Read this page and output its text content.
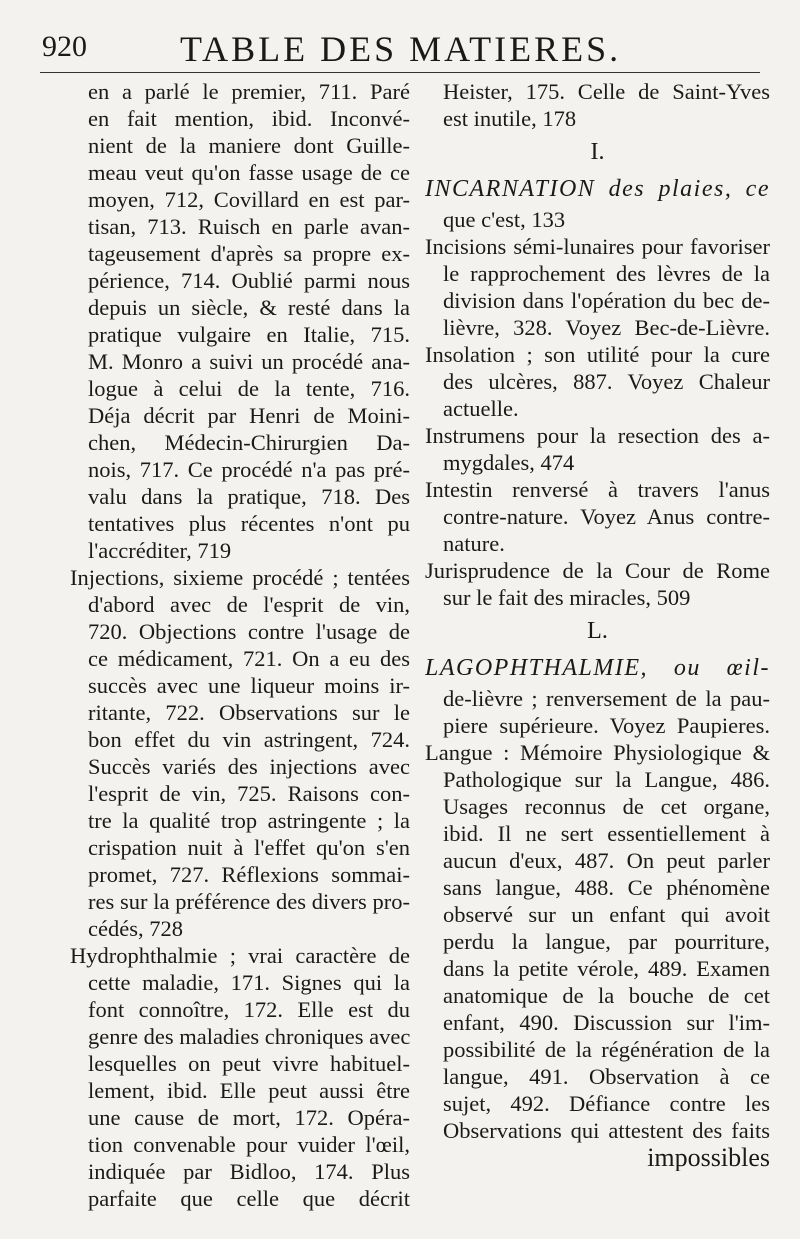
920	TABLE DES MATIERES.
en a parlé le premier, 711. Paré
en fait mention, ibid. Inconvé-
nient de la maniere dont Guille-
meau veut qu'on fasse usage de ce
moyen, 712, Covillard en est par-
tisan, 713. Ruisch en parle avan-
tageusement d'après sa propre ex-
périence, 714. Oublié parmi nous
depuis un siècle, & resté dans la
pratique vulgaire en Italie, 715.
M. Monro a suivi un procédé ana-
logue à celui de la tente, 716.
Déja décrit par Henri de Moini-
chen, Médecin-Chirurgien Da-
nois, 717. Ce procédé n'a pas pré-
valu dans la pratique, 718. Des
tentatives plus récentes n'ont pu
l'accréditer, 719
Injections, sixieme procédé ; tentées
d'abord avec de l'esprit de vin,
720. Objections contre l'usage de
ce médicament, 721. On a eu des
succès avec une liqueur moins ir-
ritante, 722. Observations sur le
bon effet du vin astringent, 724.
Succès variés des injections avec
l'esprit de vin, 725. Raisons con-
tre la qualité trop astringente ; la
crispation nuit à l'effet qu'on s'en
promet, 727. Réflexions sommai-
res sur la préférence des divers pro-
cédés, 728
Hydrophthalmie ; vrai caractère de
cette maladie, 171. Signes qui la
font connoître, 172. Elle est du
genre des maladies chroniques avec
lesquelles on peut vivre habituel-
lement, ibid. Elle peut aussi être
une cause de mort, 172. Opéra-
tion convenable pour vuider l'œil,
indiquée par Bidloo, 174. Plus
parfaite que celle que décrit
Heister, 175. Celle de Saint-Yves
est inutile, 178
I.
INCARNATION des plaies, ce
que c'est, 133
Incisions sémi-lunaires pour favoriser
le rapprochement des lèvres de la
division dans l'opération du bec de-
lièvre, 328. Voyez Bec-de-Lièvre.
Insolation ; son utilité pour la cure
des ulcères, 887. Voyez Chaleur
actuelle.
Instrumens pour la resection des a-
mygdales, 474
Intestin renversé à travers l'anus
contre-nature. Voyez Anus contre-
nature.
Jurisprudence de la Cour de Rome
sur le fait des miracles, 509
L.
LAGOPHTHALMIE, ou œil-
de-lièvre ; renversement de la pau-
piere supérieure. Voyez Paupieres.
Langue : Mémoire Physiologique &
Pathologique sur la Langue, 486.
Usages reconnus de cet organe,
ibid. Il ne sert essentiellement à
aucun d'eux, 487. On peut parler
sans langue, 488. Ce phénomène
observé sur un enfant qui avoit
perdu la langue, par pourriture,
dans la petite vérole, 489. Examen
anatomique de la bouche de cet
enfant, 490. Discussion sur l'im-
possibilité de la régénération de la
langue, 491. Observation à ce
sujet, 492. Défiance contre les
Observations qui attestent des faits
impossibles
